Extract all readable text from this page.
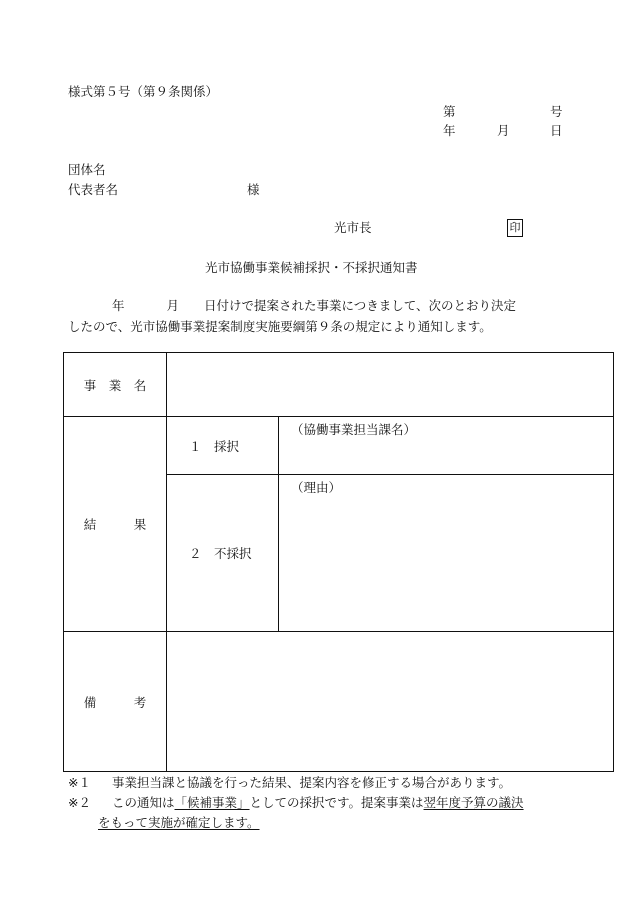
様式第５号（第９条関係）
第	号
年	月	日
団体名
代表者名	様
光市長	印
光市協働事業候補採択・不採択通知書
年	月 日付けで提案された事業につきまして、次のとおり決定
したので、光市協働事業提案制度実施要綱第９条の規定により通知します。
事　業　名		
結　　　果	１　採択	（協働事業担当課名）
	２　不採択	（理由）
備　　　考		
※１ 事業担当課と協議を行った結果、提案内容を修正する場合があります。
※２ この通知は「候補事業」としての採択です。提案事業は翌年度予算の議決
をもって実施が確定します。
